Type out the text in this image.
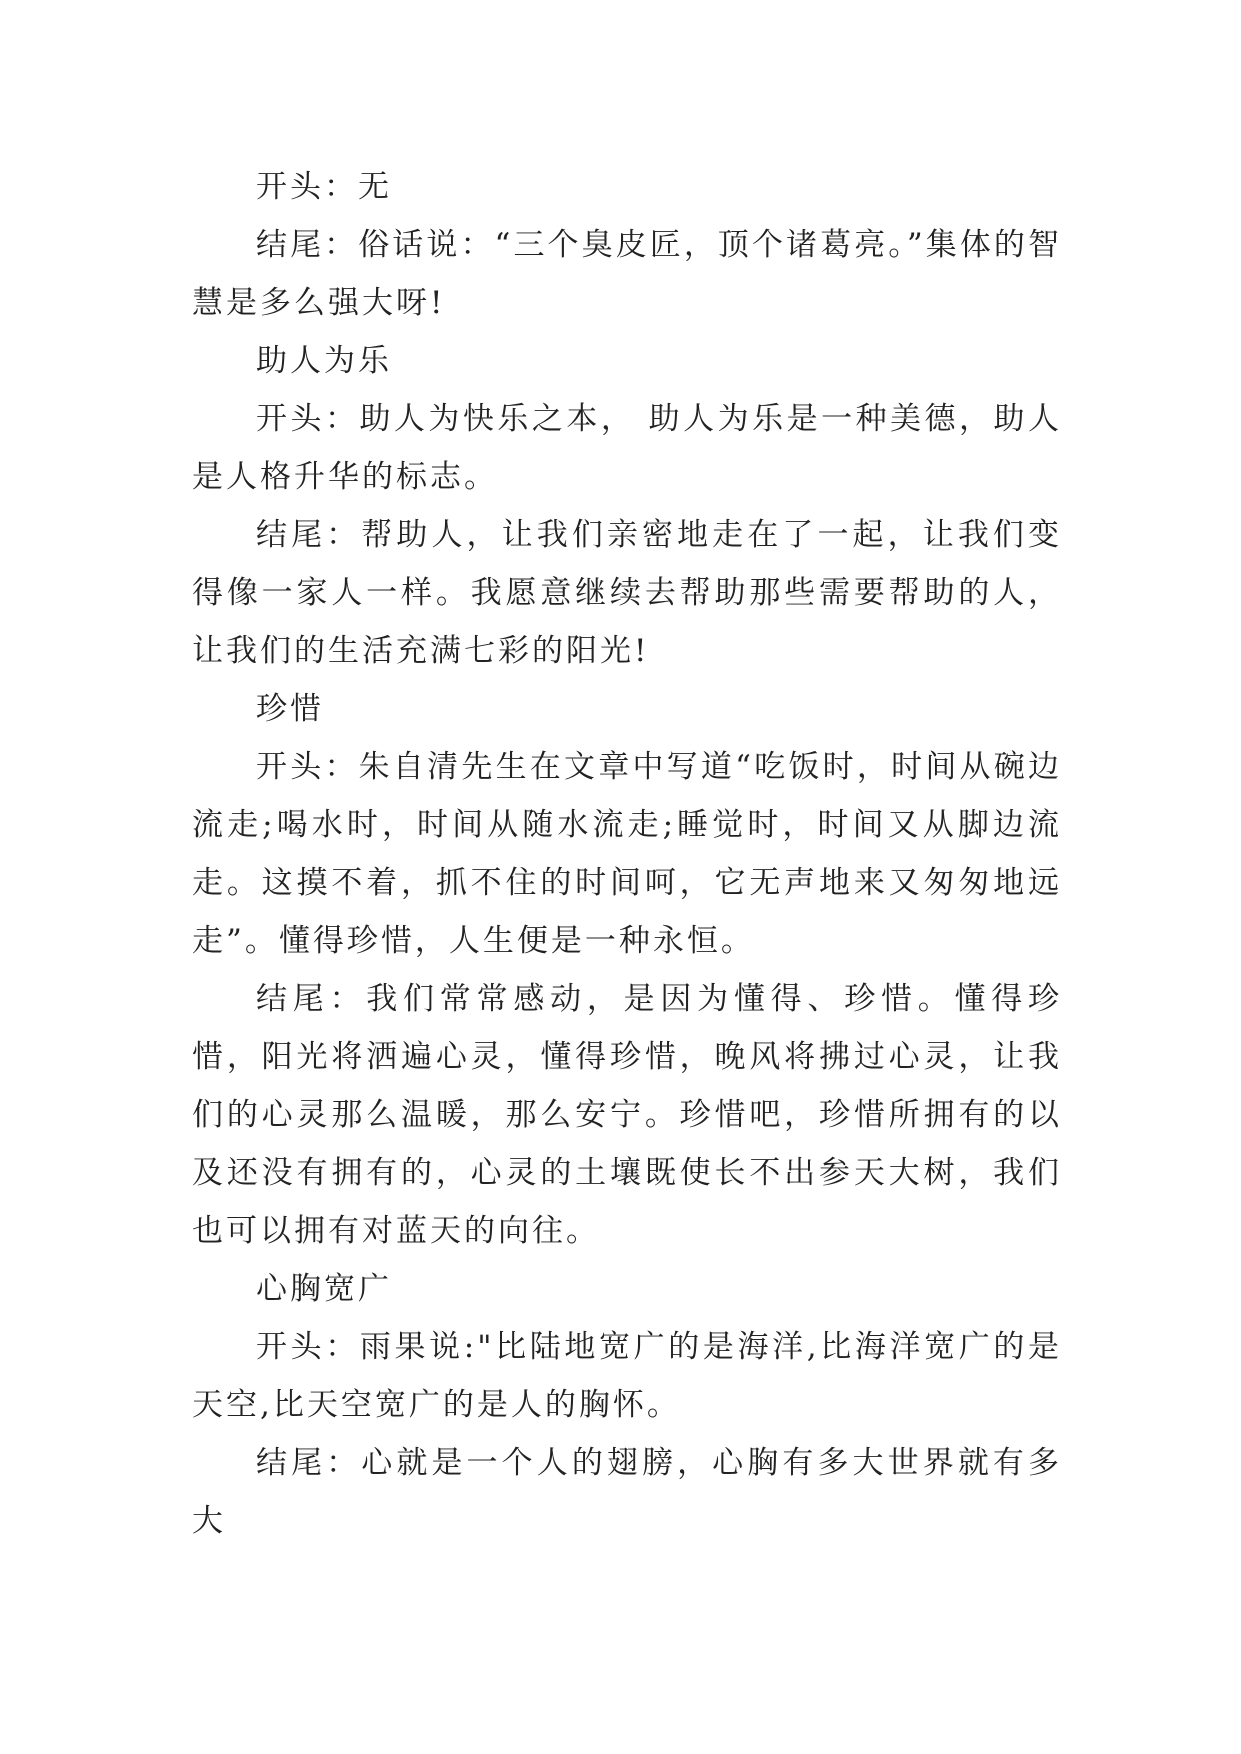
开头：无

结尾：俗话说：“三个臭皮匠，顶个诸葛亮。”集体的智慧是多么强大呀!

助人为乐

开头：助人为快乐之本， 助人为乐是一种美德，助人是人格升华的标志。

结尾：帮助人，让我们亲密地走在了一起，让我们变得像一家人一样。我愿意继续去帮助那些需要帮助的人，让我们的生活充满七彩的阳光!

珍惜

开头：朱自清先生在文章中写道“吃饭时，时间从碗边流走;喝水时，时间从随水流走;睡觉时，时间又从脚边流走。这摸不着，抓不住的时间呵，它无声地来又匆匆地远走”。懂得珍惜，人生便是一种永恒。

结尾：我们常常感动，是因为懂得、珍惜。懂得珍惜，阳光将洒遍心灵，懂得珍惜，晚风将拂过心灵，让我们的心灵那么温暖，那么安宁。珍惜吧，珍惜所拥有的以及还没有拥有的，心灵的土壤既使长不出参天大树，我们也可以拥有对蓝天的向往。

心胸宽广

开头：雨果说:"比陆地宽广的是海洋,比海洋宽广的是天空,比天空宽广的是人的胸怀。

结尾：心就是一个人的翅膀，心胸有多大世界就有多大
